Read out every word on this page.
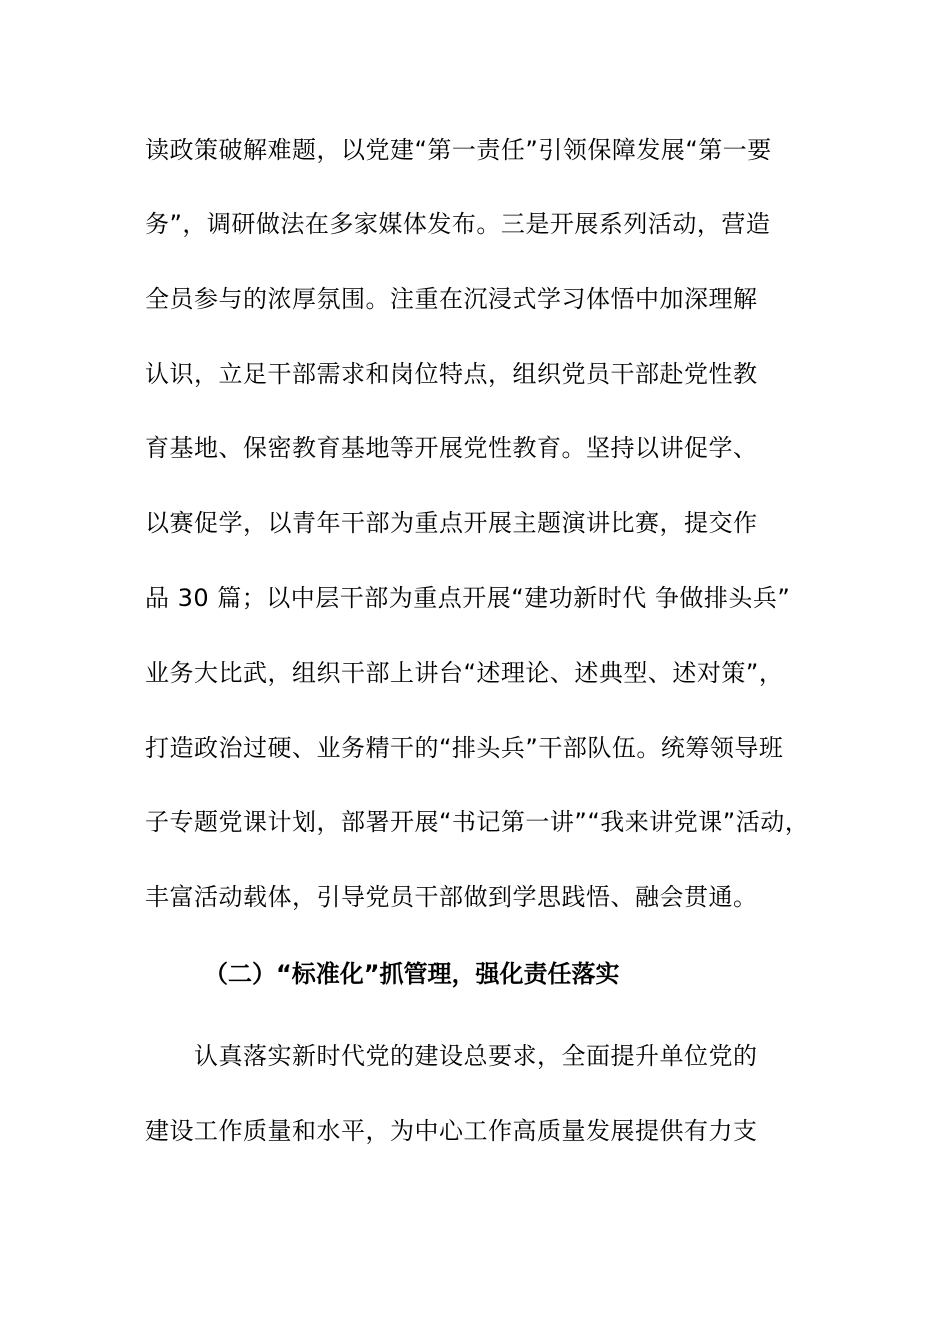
读政策破解难题，以党建“第一责任”引领保障发展“第一要
务”，调研做法在多家媒体发布。三是开展系列活动，营造
全员参与的浓厚氛围。注重在沉浸式学习体悟中加深理解
认识，立足干部需求和岗位特点，组织党员干部赴党性教
育基地、保密教育基地等开展党性教育。坚持以讲促学、
以赛促学，以青年干部为重点开展主题演讲比赛，提交作
品 30 篇；以中层干部为重点开展“建功新时代 争做排头兵”
业务大比武，组织干部上讲台“述理论、述典型、述对策”，
打造政治过硬、业务精干的“排头兵”干部队伍。统筹领导班
子专题党课计划，部署开展“书记第一讲”“我来讲党课”活动，
丰富活动载体，引导党员干部做到学思践悟、融会贯通。
（二）“标准化”抓管理，强化责任落实
认真落实新时代党的建设总要求，全面提升单位党的
建设工作质量和水平，为中心工作高质量发展提供有力支
